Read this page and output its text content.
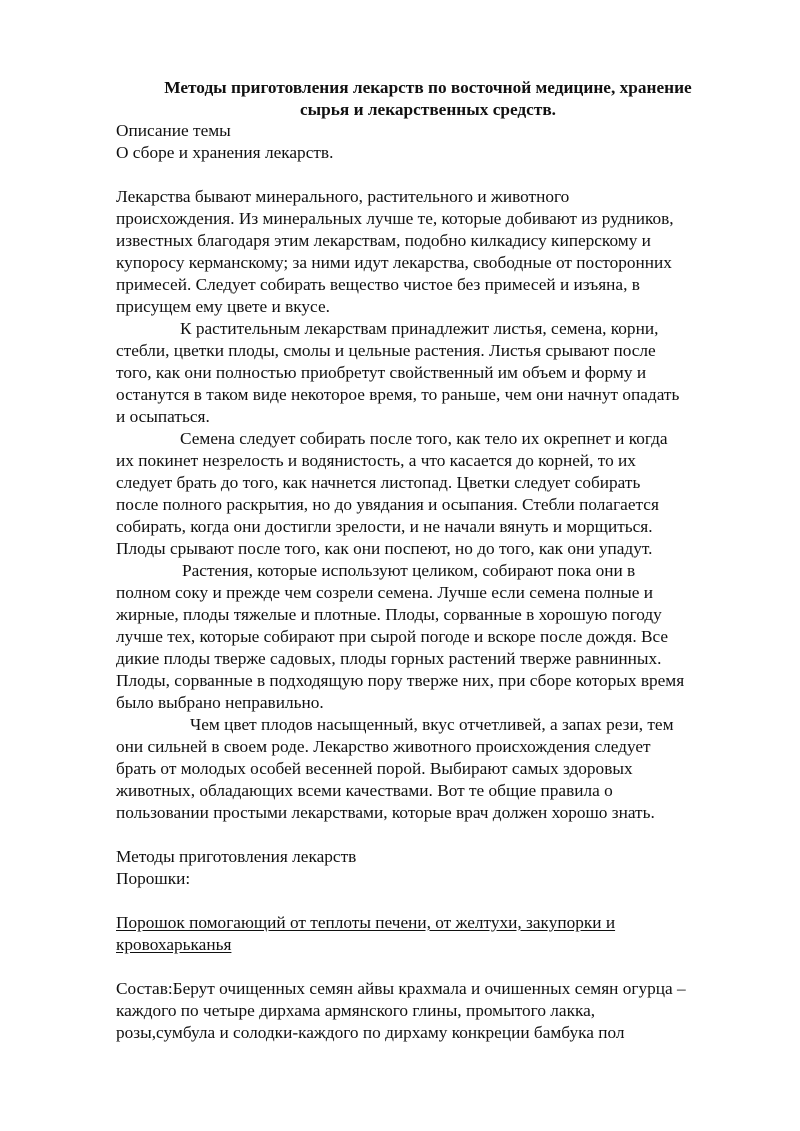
Методы приготовления лекарств по восточной медицине, хранение
сырья и лекарственных средств.
Описание темы
О сборе и хранения лекарств.
Лекарства бывают минерального, растительного и животного
происхождения. Из минеральных лучше те, которые добивают из рудников,
известных благодаря этим лекарствам, подобно килкадису киперскому и
купоросу керманскому; за ними идут лекарства, свободные от посторонних
примесей. Следует собирать вещество чистое без примесей и изъяна, в
присущем ему цвете и вкусе.
К растительным лекарствам принадлежит листья, семена, корни,
стебли, цветки плоды, смолы и цельные растения. Листья срывают после
того, как они полностью приобретут свойственный им объем и форму и
останутся в таком виде некоторое время, то раньше, чем они начнут опадать
и осыпаться.
Семена следует собирать после того, как тело их окрепнет и когда
их покинет незрелость и водянистость, а что касается до корней, то их
следует брать до того, как начнется листопад. Цветки следует собирать
после полного раскрытия, но до увядания и осыпания. Стебли полагается
собирать, когда они достигли зрелости, и не начали вянуть и морщиться.
Плоды срывают после того, как они поспеют, но до того, как они упадут.
Растения, которые используют целиком, собирают пока они в
полном соку и прежде чем созрели семена. Лучше если семена полные и
жирные, плоды тяжелые и плотные. Плоды, сорванные в хорошую погоду
лучше тех, которые собирают при сырой погоде и вскоре после дождя. Все
дикие плоды тверже садовых, плоды горных растений тверже равнинных.
Плоды, сорванные в подходящую пору тверже них, при сборе которых время
было выбрано неправильно.
Чем цвет плодов насыщенный, вкус отчетливей, а запах рези, тем
они сильней в своем роде. Лекарство животного происхождения следует
брать от молодых особей весенней порой. Выбирают самых здоровых
животных, обладающих всеми качествами. Вот те общие правила о
пользовании простыми лекарствами, которые врач должен хорошо знать.
Методы приготовления лекарств
Порошки:
Порошок помогающий от теплоты печени, от желтухи, закупорки и
кровохарьканья
Состав:Берут очищенных семян айвы крахмала и очишенных семян огурца –
каждого по четыре дирхама армянского глины, промытого лакка,
розы,сумбула и солодки-каждого по дирхаму конкреции бамбука пол
